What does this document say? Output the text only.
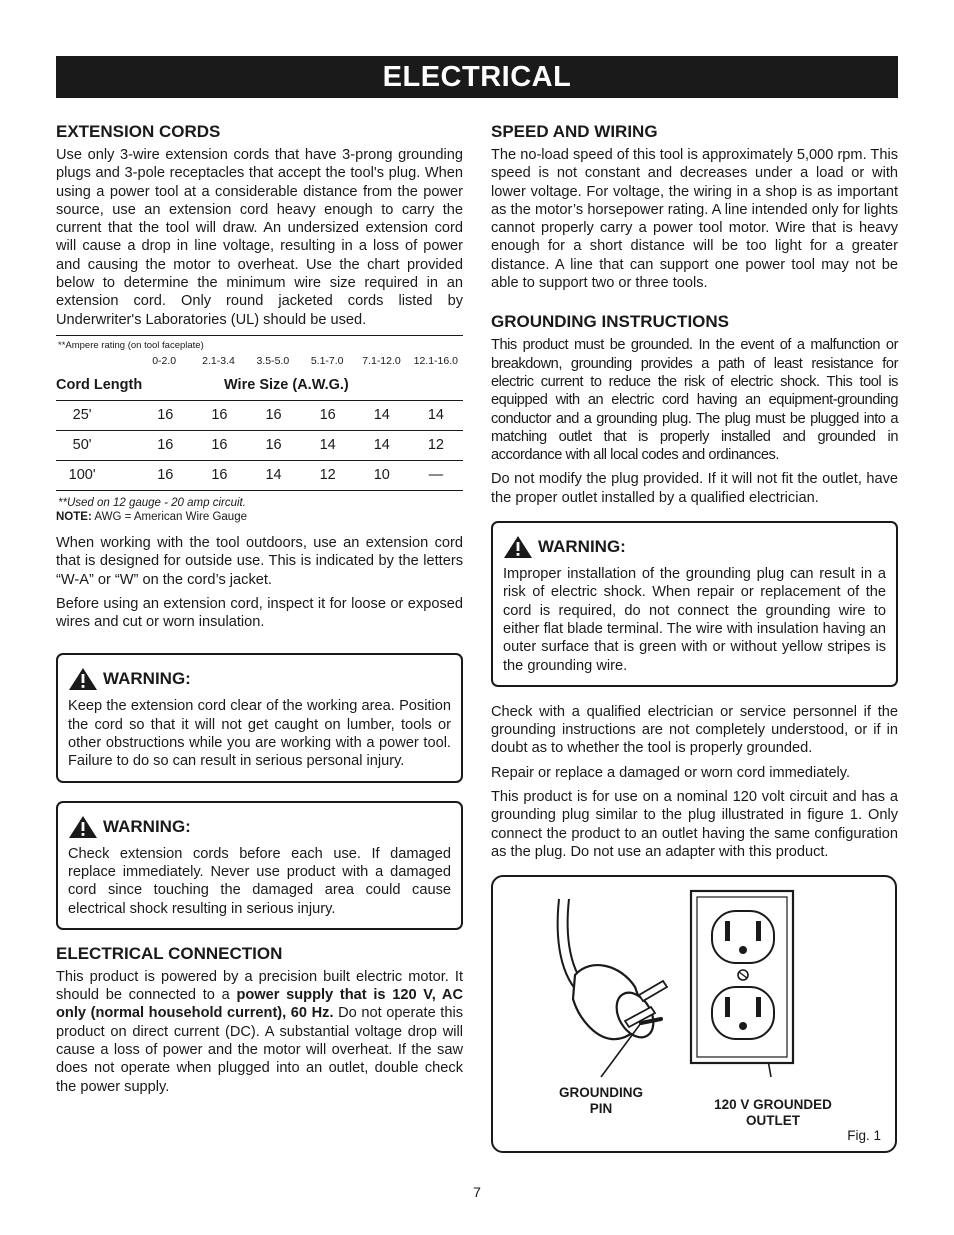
ELECTRICAL
EXTENSION CORDS

Use only 3-wire extension cords that have 3-prong grounding plugs and 3-pole receptacles that accept the tool's plug. When using a power tool at a considerable distance from the power source, use an extension cord heavy enough to carry the current that the tool will draw. An undersized extension cord will cause a drop in line voltage, resulting in a loss of power and causing the motor to overheat. Use the chart provided below to determine the minimum wire size required in an extension cord. Only round jacketed cords listed by Underwriter's Laboratories (UL) should be used.

**Ampere rating (on tool faceplate)
0-2.0	2.1-3.4	3.5-5.0	5.1-7.0	7.1-12.0	12.1-16.0
Cord Length	Wire Size (A.W.G.)
25'	16	16	16	16	14	14
50'	16	16	16	14	14	12
100'	16	16	14	12	10	—
**Used on 12 gauge - 20 amp circuit.
NOTE: AWG = American Wire Gauge

When working with the tool outdoors, use an extension cord that is designed for outside use. This is indicated by the letters “W-A” or “W” on the cord’s jacket.

Before using an extension cord, inspect it for loose or exposed wires and cut or worn insulation.

WARNING:

Keep the extension cord clear of the working area. Position the cord so that it will not get caught on lumber, tools or other obstructions while you are working with a power tool. Failure to do so can result in serious personal injury.

WARNING:

Check extension cords before each use. If damaged replace immediately. Never use product with a damaged cord since touching the damaged area could cause electrical shock resulting in serious injury.

ELECTRICAL CONNECTION

This product is powered by a precision built electric motor. It should be connected to a power supply that is 120 V, AC only (normal household current), 60 Hz. Do not operate this product on direct current (DC). A substantial voltage drop will cause a loss of power and the motor will overheat. If the saw does not operate when plugged into an outlet, double check the power supply.

SPEED AND WIRING

The no-load speed of this tool is approximately 5,000 rpm. This speed is not constant and decreases under a load or with lower voltage. For voltage, the wiring in a shop is as important as the motor’s horsepower rating. A line intended only for lights cannot properly carry a power tool motor. Wire that is heavy enough for a short distance will be too light for a greater distance. A line that can support one power tool may not be able to support two or three tools.

GROUNDING INSTRUCTIONS

This product must be grounded. In the event of a malfunction or breakdown, grounding provides a path of least resistance for electric current to reduce the risk of electric shock. This tool is equipped with an electric cord having an equipment-grounding conductor and a grounding plug. The plug must be plugged into a matching outlet that is properly installed and grounded in accordance with all local codes and ordinances.

Do not modify the plug provided. If it will not fit the outlet, have the proper outlet installed by a qualified electrician.

WARNING:

Improper installation of the grounding plug can result in a risk of electric shock. When repair or replacement of the cord is required, do not connect the grounding wire to either flat blade terminal. The wire with insulation having an outer surface that is green with or without yellow stripes is the grounding wire.

Check with a qualified electrician or service personnel if the grounding instructions are not completely understood, or if in doubt as to whether the tool is properly grounded.

Repair or replace a damaged or worn cord immediately.

This product is for use on a nominal 120 volt circuit and has a grounding plug similar to the plug illustrated in figure 1. Only connect the product to an outlet having the same configuration as the plug. Do not use an adapter with this product.

GROUNDING
PIN	120 V GROUNDED
OUTLET
Fig. 1
7
